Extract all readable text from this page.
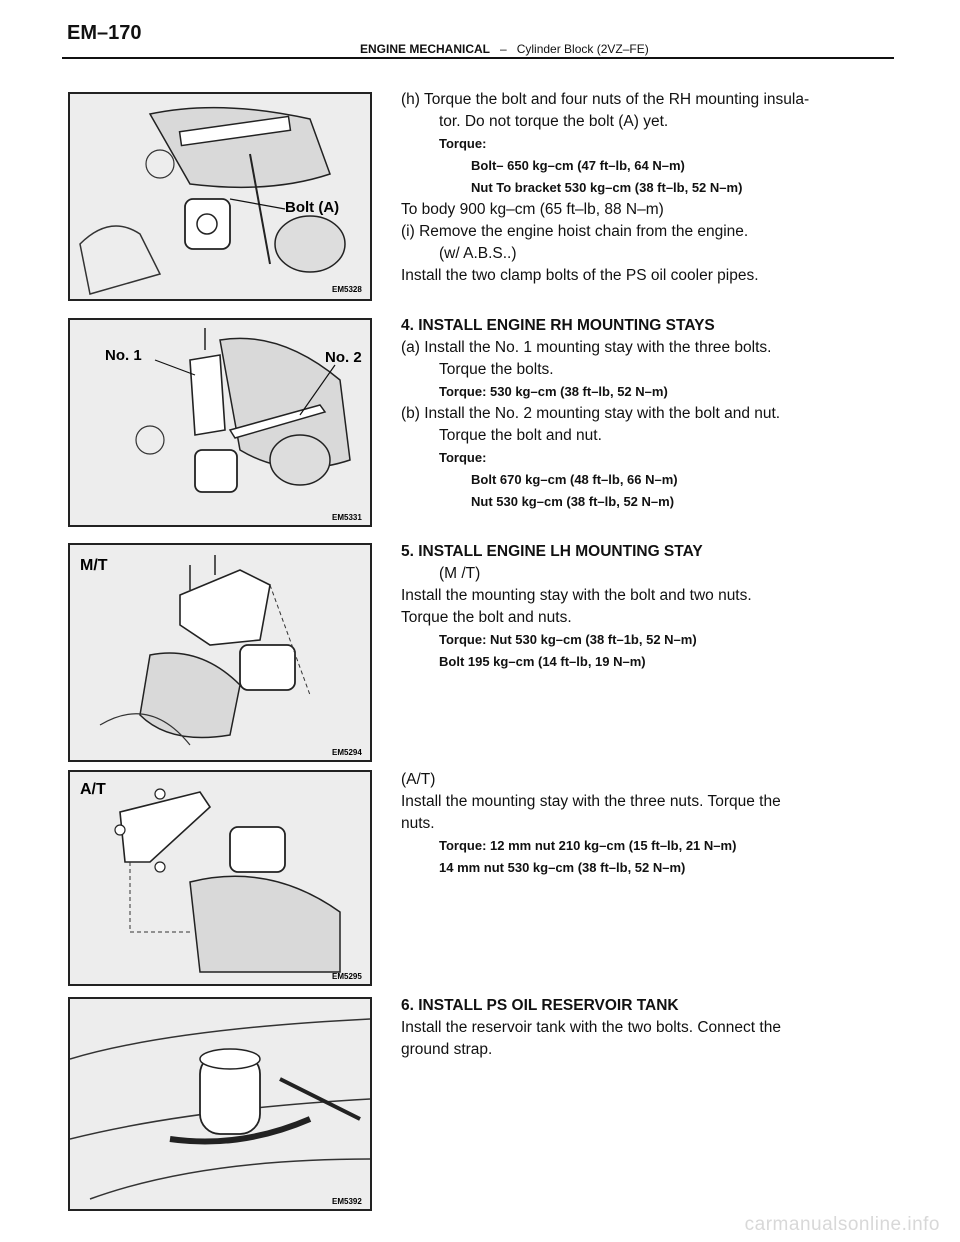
EM–170
ENGINE MECHANICAL – Cylinder Block (2VZ–FE)
Bolt (A)
EM5328
No. 1	No. 2
EM5331
M/T
EM5294
A/T
EM5295
EM5392

(h) Torque the bolt and four nuts of the RH mounting insula-

tor. Do not torque the bolt (A) yet.

Torque:

Bolt– 650 kg–cm (47 ft–lb, 64 N–m)

Nut To bracket 530 kg–cm (38 ft–lb, 52 N–m)

To body 900 kg–cm (65 ft–lb, 88 N–m)

(i) Remove the engine hoist chain from the engine.

(w/ A.B.S..)

Install the two clamp bolts of the PS oil cooler pipes.

4. INSTALL ENGINE RH MOUNTING STAYS

(a) Install the No. 1 mounting stay with the three bolts.

Torque the bolts.

Torque: 530 kg–cm (38 ft–lb, 52 N–m)

(b) Install the No. 2 mounting stay with the bolt and nut.

Torque the bolt and nut.

Torque:

Bolt 670 kg–cm (48 ft–lb, 66 N–m)

Nut 530 kg–cm (38 ft–lb, 52 N–m)

5. INSTALL ENGINE LH MOUNTING STAY

(M /T)

Install the mounting stay with the bolt and two nuts.

Torque the bolt and nuts.

Torque: Nut 530 kg–cm (38 ft–1b, 52 N–m)

Bolt 195 kg–cm (14 ft–lb, 19 N–m)

(A/T)

Install the mounting stay with the three nuts. Torque the

nuts.

Torque: 12 mm nut 210 kg–cm (15 ft–lb, 21 N–m)

14 mm nut 530 kg–cm (38 ft–lb, 52 N–m)

6. INSTALL PS OIL RESERVOIR TANK

Install the reservoir tank with the two bolts. Connect the

ground strap.

carmanualsonline.info
